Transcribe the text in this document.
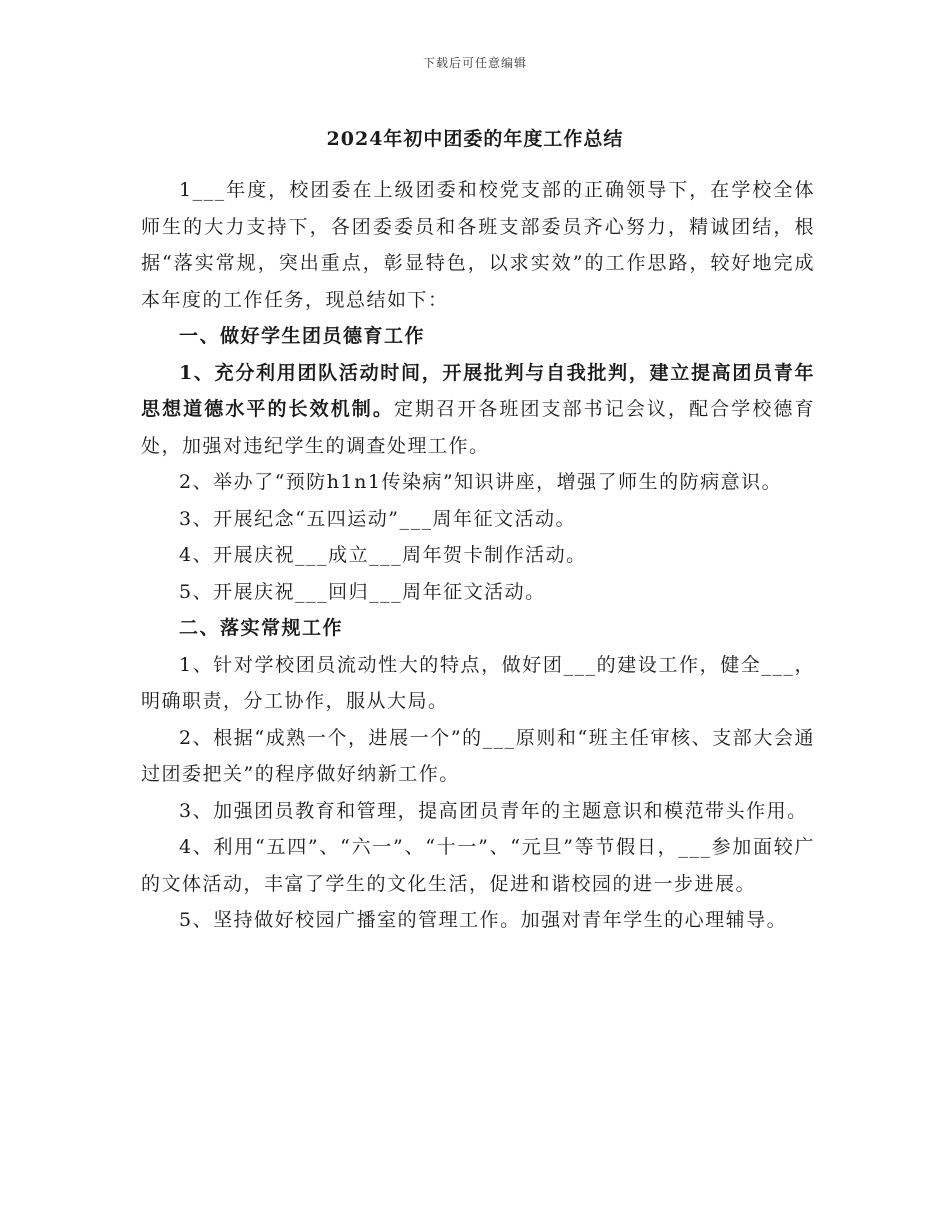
下载后可任意编辑
2024年初中团委的年度工作总结

1___年度，校团委在上级团委和校党支部的正确领导下，在学校全体师生的大力支持下，各团委委员和各班支部委员齐心努力，精诚团结，根据“落实常规，突出重点，彰显特色，以求实效”的工作思路，较好地完成本年度的工作任务，现总结如下：

一、做好学生团员德育工作

1、充分利用团队活动时间，开展批判与自我批判，建立提高团员青年思想道德水平的长效机制。定期召开各班团支部书记会议，配合学校德育处，加强对违纪学生的调查处理工作。

2、举办了“预防h1n1传染病”知识讲座，增强了师生的防病意识。

3、开展纪念“五四运动”___周年征文活动。

4、开展庆祝___成立___周年贺卡制作活动。

5、开展庆祝___回归___周年征文活动。

二、落实常规工作

1、针对学校团员流动性大的特点，做好团___的建设工作，健全___，明确职责，分工协作，服从大局。

2、根据“成熟一个，进展一个”的___原则和“班主任审核、支部大会通过团委把关”的程序做好纳新工作。

3、加强团员教育和管理，提高团员青年的主题意识和模范带头作用。

4、利用“五四”、“六一”、“十一”、“元旦”等节假日，___参加面较广的文体活动，丰富了学生的文化生活，促进和谐校园的进一步进展。

5、坚持做好校园广播室的管理工作。加强对青年学生的心理辅导。
